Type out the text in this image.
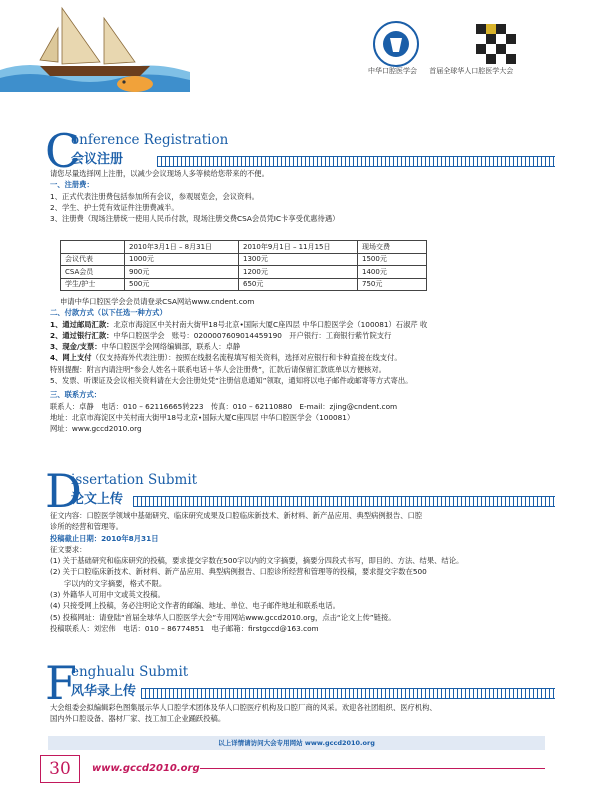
中华口腔医学会 首届全球华人口腔医学大会
C
onference Registration
会议注册

请您尽量选择网上注册，以减少会议现场人多等候给您带来的不便。

一、注册费：

1、正式代表注册费包括参加所有会议，参观展览会，会议资料。

2、学生、护士凭有效证件注册费减半。

3、注册费（现场注册统一使用人民币付款，现场注册交费CSA会员凭IC卡享受优惠待遇）

	2010年3月1日 – 8月31日	2010年9月1日 – 11月15日	现场交费
会议代表	1000元	1300元	1500元
CSA会员	900元	1200元	1400元
学生/护士	500元	650元	750元

申请中华口腔医学会会员请登录CSA网站www.cndent.com

二、付款方式（以下任选一种方式）

1、通过邮局汇款：北京市海淀区中关村南大街甲18号北京•国际大厦C座四层 中华口腔医学会（100081）石淑芹 收

2、通过银行汇款：中华口腔医学会　账号：0200007609014459190　开户银行：工商银行紫竹院支行

3、现金/支票：中华口腔医学会网络编辑部，联系人：卓静

4、网上支付（仅支持海外代表注册）：按照在线报名流程填写相关资料，选择对应银行和卡种直接在线支付。

特别提醒：附言内请注明“参会人姓名＋联系电话＋华人会注册费”，汇款后请保留汇款底单以方便核对。

5、发票、听课证及会议相关资料请在大会注册处凭“注册信息通知”领取，通知将以电子邮件或邮寄等方式寄出。

三、联系方式：

联系人：卓静　电话：010 – 62116665转223　传真：010 – 62110880　E-mail：zjing@cndent.com

地址：北京市海淀区中关村南大街甲18号北京•国际大厦C座四层 中华口腔医学会（100081）

网址：www.gccd2010.org

D
issertation Submit
论文上传

征文内容：口腔医学领域中基础研究、临床研究成果及口腔临床新技术、新材料、新产品应用、典型病例报告、口腔

诊所的经营和管理等。

投稿截止日期：2010年8月31日

征文要求：

(1) 关于基础研究和临床研究的投稿，要求提交字数在500字以内的文字摘要，摘要分四段式书写，即目的、方法、结果、结论。

(2) 关于口腔临床新技术、新材料、新产品应用、典型病例报告、口腔诊所经营和管理等的投稿，要求提交字数在500

字以内的文字摘要，格式不限。

(3) 外籍华人可用中文或英文投稿。

(4) 只接受网上投稿，务必注明论文作者的邮编、地址、单位、电子邮件地址和联系电话。

(5) 投稿网址：请登陆“首届全球华人口腔医学大会”专用网站www.gccd2010.org，点击“论文上传”链接。

投稿联系人：刘宏伟　电话：010 – 86774851　电子邮箱：firstgccd@163.com

F
enghualu Submit
风华录上传

大会组委会拟编辑彩色图集展示华人口腔学术团体及华人口腔医疗机构及口腔厂商的风采。欢迎各社团组织、医疗机构、

国内外口腔设备、器材厂家、技工加工企业踊跃投稿。

以上详情请访问大会专用网站 www.gccd2010.org
30	www.gccd2010.org
